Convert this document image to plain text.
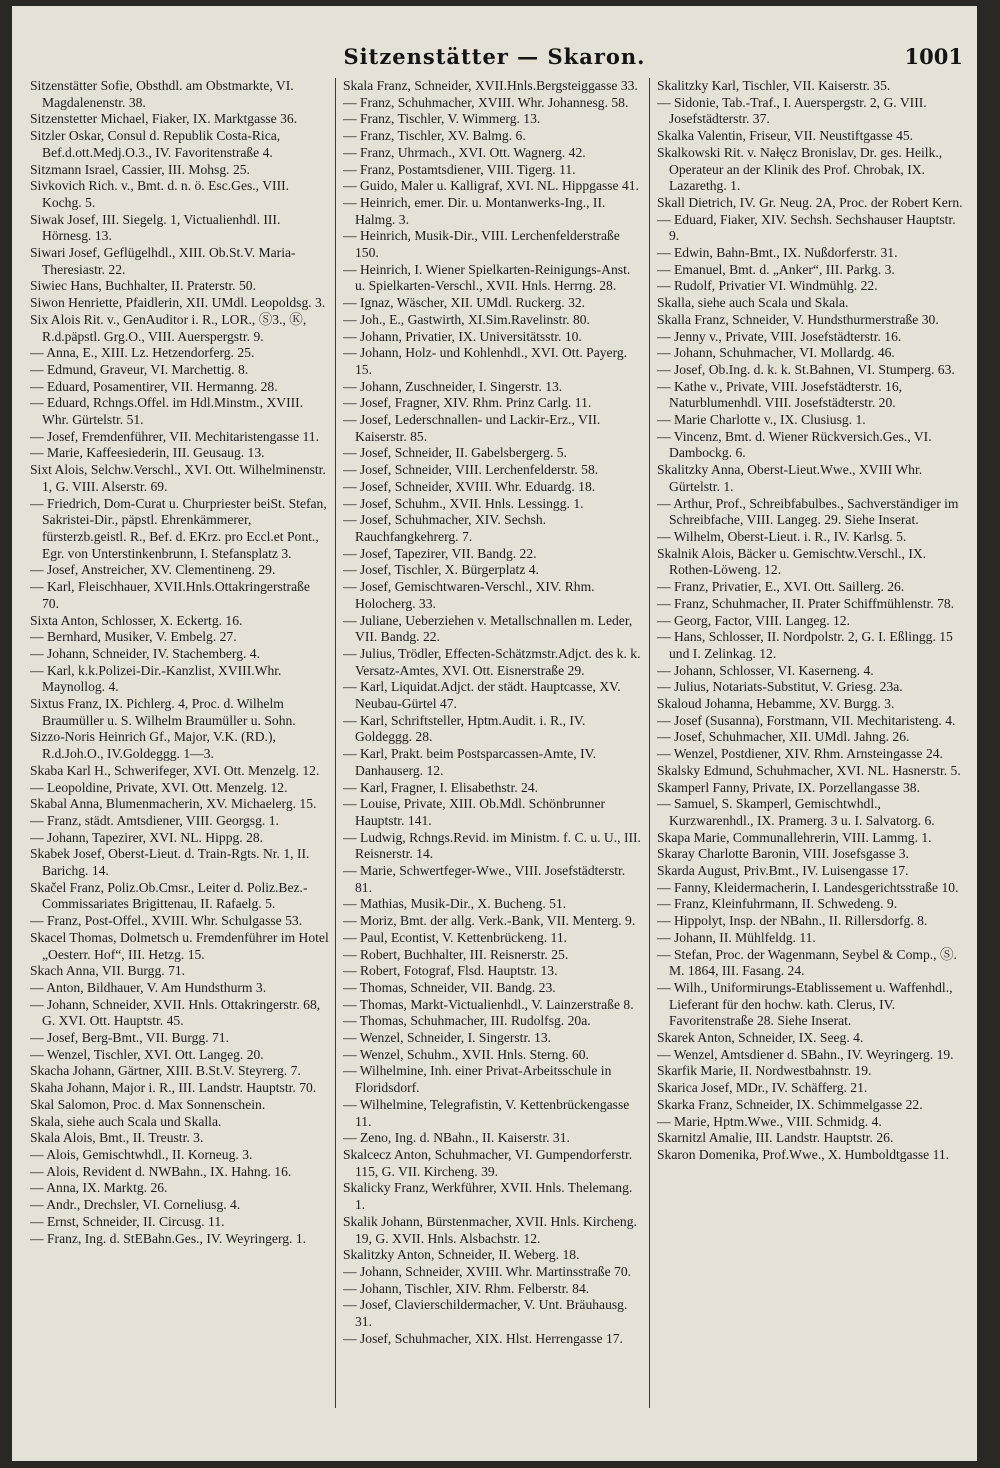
Sitzenstätter — Skaron.	1001

Sitzenstätter Sofie, Obsthdl. am Obstmarkte, VI. Magdalenenstr. 38.

Sitzenstetter Michael, Fiaker, IX. Marktgasse 36.

Sitzler Oskar, Consul d. Republik Costa-Rica, Bef.d.ott.Medj.O.3., IV. Favoritenstraße 4.

Sitzmann Israel, Cassier, III. Mohsg. 25.

Sivkovich Rich. v., Bmt. d. n. ö. Esc.Ges., VIII. Kochg. 5.

Siwak Josef, III. Siegelg. 1, Victualienhdl. III. Hörnesg. 13.

Siwari Josef, Geflügelhdl., XIII. Ob.St.V. Maria-Theresiastr. 22.

Siwiec Hans, Buchhalter, II. Praterstr. 50.

Siwon Henriette, Pfaidlerin, XII. UMdl. Leopoldsg. 3.

Six Alois Rit. v., GenAuditor i. R., LOR., Ⓢ3., Ⓚ, R.d.päpstl. Grg.O., VIII. Auerspergstr. 9.

— Anna, E., XIII. Lz. Hetzendorferg. 25.

— Edmund, Graveur, VI. Marchettig. 8.

— Eduard, Posamentirer, VII. Hermanng. 28.

— Eduard, Rchngs.Offel. im Hdl.Minstm., XVIII. Whr. Gürtelstr. 51.

— Josef, Fremdenführer, VII. Mechitaristengasse 11.

— Marie, Kaffeesiederin, III. Geusaug. 13.

Sixt Alois, Selchw.Verschl., XVI. Ott. Wilhelminenstr. 1, G. VIII. Alserstr. 69.

— Friedrich, Dom-Curat u. Churpriester beiSt. Stefan, Sakristei-Dir., päpstl. Ehrenkämmerer, fürsterzb.geistl. R., Bef. d. EKrz. pro Eccl.et Pont., Egr. von Unterstinkenbrunn, I. Stefansplatz 3.

— Josef, Anstreicher, XV. Clementineng. 29.

— Karl, Fleischhauer, XVII.Hnls.Ottakringerstraße 70.

Sixta Anton, Schlosser, X. Eckertg. 16.

— Bernhard, Musiker, V. Embelg. 27.

— Johann, Schneider, IV. Stachemberg. 4.

— Karl, k.k.Polizei-Dir.-Kanzlist, XVIII.Whr. Maynollog. 4.

Sixtus Franz, IX. Pichlerg. 4, Proc. d. Wilhelm Braumüller u. S. Wilhelm Braumüller u. Sohn.

Sizzo-Noris Heinrich Gf., Major, V.K. (RD.), R.d.Joh.O., IV.Goldeggg. 1—3.

Skaba Karl H., Schwerifeger, XVI. Ott. Menzelg. 12.

— Leopoldine, Private, XVI. Ott. Menzelg. 12.

Skabal Anna, Blumenmacherin, XV. Michaelerg. 15.

— Franz, städt. Amtsdiener, VIII. Georgsg. 1.

— Johann, Tapezirer, XVI. NL. Hippg. 28.

Skabek Josef, Oberst-Lieut. d. Train-Rgts. Nr. 1, II. Barichg. 14.

Skačel Franz, Poliz.Ob.Cmsr., Leiter d. Poliz.Bez.-Commissariates Brigittenau, II. Rafaelg. 5.

— Franz, Post-Offel., XVIII. Whr. Schulgasse 53.

Skacel Thomas, Dolmetsch u. Fremdenführer im Hotel „Oesterr. Hof“, III. Hetzg. 15.

Skach Anna, VII. Burgg. 71.

— Anton, Bildhauer, V. Am Hundsthurm 3.

— Johann, Schneider, XVII. Hnls. Ottakringerstr. 68, G. XVI. Ott. Hauptstr. 45.

— Josef, Berg-Bmt., VII. Burgg. 71.

— Wenzel, Tischler, XVI. Ott. Langeg. 20.

Skacha Johann, Gärtner, XIII. B.St.V. Steyrerg. 7.

Skaha Johann, Major i. R., III. Landstr. Hauptstr. 70.

Skal Salomon, Proc. d. Max Sonnenschein.

Skala, siehe auch Scala und Skalla.

Skala Alois, Bmt., II. Treustr. 3.

— Alois, Gemischtwhdl., II. Korneug. 3.

— Alois, Revident d. NWBahn., IX. Hahng. 16.

— Anna, IX. Marktg. 26.

— Andr., Drechsler, VI. Corneliusg. 4.

— Ernst, Schneider, II. Circusg. 11.

— Franz, Ing. d. StEBahn.Ges., IV. Weyringerg. 1.

Skala Franz, Schneider, XVII.Hnls.Bergsteiggasse 33.

— Franz, Schuhmacher, XVIII. Whr. Johannesg. 58.

— Franz, Tischler, V. Wimmerg. 13.

— Franz, Tischler, XV. Balmg. 6.

— Franz, Uhrmach., XVI. Ott. Wagnerg. 42.

— Franz, Postamtsdiener, VIII. Tigerg. 11.

— Guido, Maler u. Kalligraf, XVI. NL. Hippgasse 41.

— Heinrich, emer. Dir. u. Montanwerks-Ing., II. Halmg. 3.

— Heinrich, Musik-Dir., VIII. Lerchenfelderstraße 150.

— Heinrich, I. Wiener Spielkarten-Reinigungs-Anst. u. Spielkarten-Verschl., XVII. Hnls. Herrng. 28.

— Ignaz, Wäscher, XII. UMdl. Ruckerg. 32.

— Joh., E., Gastwirth, XI.Sim.Ravelinstr. 80.

— Johann, Privatier, IX. Universitätsstr. 10.

— Johann, Holz- und Kohlenhdl., XVI. Ott. Payerg. 15.

— Johann, Zuschneider, I. Singerstr. 13.

— Josef, Fragner, XIV. Rhm. Prinz Carlg. 11.

— Josef, Lederschnallen- und Lackir-Erz., VII. Kaiserstr. 85.

— Josef, Schneider, II. Gabelsbergerg. 5.

— Josef, Schneider, VIII. Lerchenfelderstr. 58.

— Josef, Schneider, XVIII. Whr. Eduardg. 18.

— Josef, Schuhm., XVII. Hnls. Lessingg. 1.

— Josef, Schuhmacher, XIV. Sechsh. Rauchfangkehrerg. 7.

— Josef, Tapezirer, VII. Bandg. 22.

— Josef, Tischler, X. Bürgerplatz 4.

— Josef, Gemischtwaren-Verschl., XIV. Rhm. Holocherg. 33.

— Juliane, Ueberziehen v. Metallschnallen m. Leder, VII. Bandg. 22.

— Julius, Trödler, Effecten-Schätzmstr.Adjct. des k. k. Versatz-Amtes, XVI. Ott. Eisnerstraße 29.

— Karl, Liquidat.Adjct. der städt. Hauptcasse, XV. Neubau-Gürtel 47.

— Karl, Schriftsteller, Hptm.Audit. i. R., IV. Goldeggg. 28.

— Karl, Prakt. beim Postsparcassen-Amte, IV. Danhauserg. 12.

— Karl, Fragner, I. Elisabethstr. 24.

— Louise, Private, XIII. Ob.Mdl. Schönbrunner Hauptstr. 141.

— Ludwig, Rchngs.Revid. im Ministm. f. C. u. U., III. Reisnerstr. 14.

— Marie, Schwertfeger-Wwe., VIII. Josefstädterstr. 81.

— Mathias, Musik-Dir., X. Bucheng. 51.

— Moriz, Bmt. der allg. Verk.-Bank, VII. Menterg. 9.

— Paul, Econtist, V. Kettenbrückeng. 11.

— Robert, Buchhalter, III. Reisnerstr. 25.

— Robert, Fotograf, Flsd. Hauptstr. 13.

— Thomas, Schneider, VII. Bandg. 23.

— Thomas, Markt-Victualienhdl., V. Lainzerstraße 8.

— Thomas, Schuhmacher, III. Rudolfsg. 20a.

— Wenzel, Schneider, I. Singerstr. 13.

— Wenzel, Schuhm., XVII. Hnls. Sterng. 60.

— Wilhelmine, Inh. einer Privat-Arbeitsschule in Floridsdorf.

— Wilhelmine, Telegrafistin, V. Kettenbrückengasse 11.

— Zeno, Ing. d. NBahn., II. Kaiserstr. 31.

Skalcecz Anton, Schuhmacher, VI. Gumpendorferstr. 115, G. VII. Kircheng. 39.

Skalicky Franz, Werkführer, XVII. Hnls. Thelemang. 1.

Skalik Johann, Bürstenmacher, XVII. Hnls. Kircheng. 19, G. XVII. Hnls. Alsbachstr. 12.

Skalitzky Anton, Schneider, II. Weberg. 18.

— Johann, Schneider, XVIII. Whr. Martinsstraße 70.

— Johann, Tischler, XIV. Rhm. Felberstr. 84.

— Josef, Clavierschildermacher, V. Unt. Bräuhausg. 31.

— Josef, Schuhmacher, XIX. Hlst. Herrengasse 17.

Skalitzky Karl, Tischler, VII. Kaiserstr. 35.

— Sidonie, Tab.-Traf., I. Auerspergstr. 2, G. VIII. Josefstädterstr. 37.

Skalka Valentin, Friseur, VII. Neustiftgasse 45.

Skalkowski Rit. v. Nałęcz Bronislav, Dr. ges. Heilk., Operateur an der Klinik des Prof. Chrobak, IX. Lazarethg. 1.

Skall Dietrich, IV. Gr. Neug. 2A, Proc. der Robert Kern.

— Eduard, Fiaker, XIV. Sechsh. Sechshauser Hauptstr. 9.

— Edwin, Bahn-Bmt., IX. Nußdorferstr. 31.

— Emanuel, Bmt. d. „Anker“, III. Parkg. 3.

— Rudolf, Privatier VI. Windmühlg. 22.

Skalla, siehe auch Scala und Skala.

Skalla Franz, Schneider, V. Hundsthurmerstraße 30.

— Jenny v., Private, VIII. Josefstädterstr. 16.

— Johann, Schuhmacher, VI. Mollardg. 46.

— Josef, Ob.Ing. d. k. k. St.Bahnen, VI. Stumperg. 63.

— Kathe v., Private, VIII. Josefstädterstr. 16, Naturblumenhdl. VIII. Josefstädterstr. 20.

— Marie Charlotte v., IX. Clusiusg. 1.

— Vincenz, Bmt. d. Wiener Rückversich.Ges., VI. Dambockg. 6.

Skalitzky Anna, Oberst-Lieut.Wwe., XVIII Whr. Gürtelstr. 1.

— Arthur, Prof., Schreibfabulbes., Sachverständiger im Schreibfache, VIII. Langeg. 29. Siehe Inserat.

— Wilhelm, Oberst-Lieut. i. R., IV. Karlsg. 5.

Skalnik Alois, Bäcker u. Gemischtw.Verschl., IX. Rothen-Löweng. 12.

— Franz, Privatier, E., XVI. Ott. Saillerg. 26.

— Franz, Schuhmacher, II. Prater Schiffmühlenstr. 78.

— Georg, Factor, VIII. Langeg. 12.

— Hans, Schlosser, II. Nordpolstr. 2, G. I. Eßlingg. 15 und I. Zelinkag. 12.

— Johann, Schlosser, VI. Kaserneng. 4.

— Julius, Notariats-Substitut, V. Griesg. 23a.

Skaloud Johanna, Hebamme, XV. Burgg. 3.

— Josef (Susanna), Forstmann, VII. Mechitaristeng. 4.

— Josef, Schuhmacher, XII. UMdl. Jahng. 26.

— Wenzel, Postdiener, XIV. Rhm. Arnsteingasse 24.

Skalsky Edmund, Schuhmacher, XVI. NL. Hasnerstr. 5.

Skamperl Fanny, Private, IX. Porzellangasse 38.

— Samuel, S. Skamperl, Gemischtwhdl., Kurzwarenhdl., IX. Pramerg. 3 u. I. Salvatorg. 6.

Skapa Marie, Communallehrerin, VIII. Lammg. 1.

Skaray Charlotte Baronin, VIII. Josefsgasse 3.

Skarda August, Priv.Bmt., IV. Luisengasse 17.

— Fanny, Kleidermacherin, I. Landesgerichtsstraße 10.

— Franz, Kleinfuhrmann, II. Schwedeng. 9.

— Hippolyt, Insp. der NBahn., II. Rillersdorfg. 8.

— Johann, II. Mühlfeldg. 11.

— Stefan, Proc. der Wagenmann, Seybel & Comp., Ⓢ. M. 1864, III. Fasang. 24.

— Wilh., Uniformirungs-Etablissement u. Waffenhdl., Lieferant für den hochw. kath. Clerus, IV. Favoritenstraße 28. Siehe Inserat.

Skarek Anton, Schneider, IX. Seeg. 4.

— Wenzel, Amtsdiener d. SBahn., IV. Weyringerg. 19.

Skarfik Marie, II. Nordwestbahnstr. 19.

Skarica Josef, MDr., IV. Schäfferg. 21.

Skarka Franz, Schneider, IX. Schimmelgasse 22.

— Marie, Hptm.Wwe., VIII. Schmidg. 4.

Skarnitzl Amalie, III. Landstr. Hauptstr. 26.

Skaron Domenika, Prof.Wwe., X. Humboldtgasse 11.
